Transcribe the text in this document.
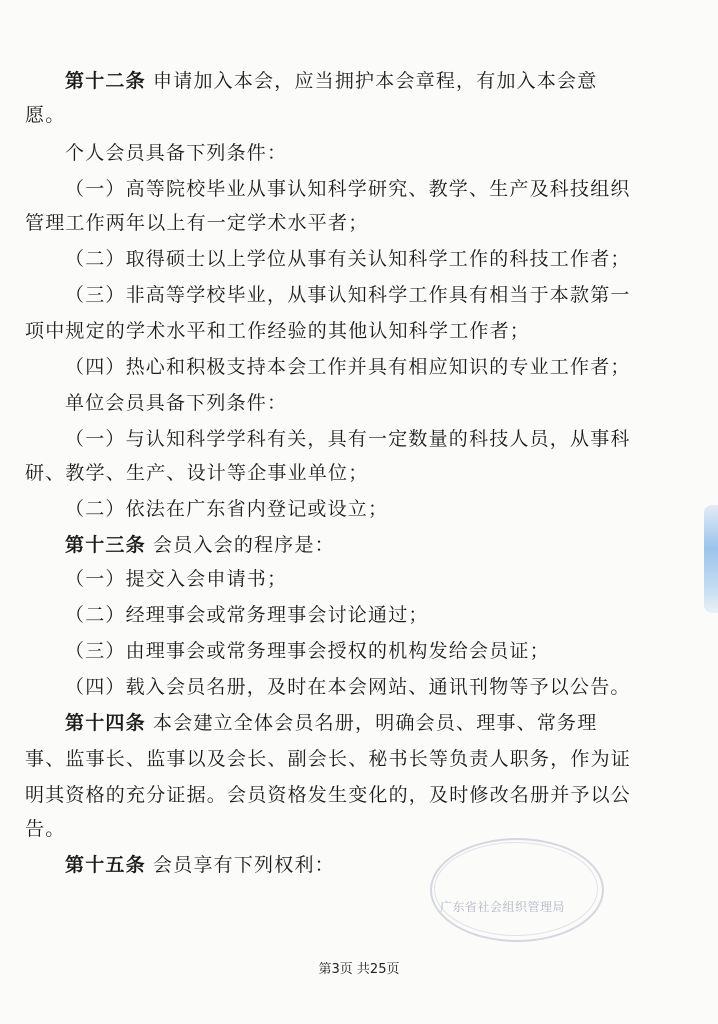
第十二条 申请加入本会，应当拥护本会章程，有加入本会意
愿。
个人会员具备下列条件：
（一）高等院校毕业从事认知科学研究、教学、生产及科技组织
管理工作两年以上有一定学术水平者；
（二）取得硕士以上学位从事有关认知科学工作的科技工作者；
（三）非高等学校毕业，从事认知科学工作具有相当于本款第一
项中规定的学术水平和工作经验的其他认知科学工作者；
（四）热心和积极支持本会工作并具有相应知识的专业工作者；
单位会员具备下列条件：
（一）与认知科学学科有关，具有一定数量的科技人员，从事科
研、教学、生产、设计等企事业单位；
（二）依法在广东省内登记或设立；
第十三条 会员入会的程序是：
（一）提交入会申请书；
（二）经理事会或常务理事会讨论通过；
（三）由理事会或常务理事会授权的机构发给会员证；
（四）载入会员名册，及时在本会网站、通讯刊物等予以公告。
第十四条 本会建立全体会员名册，明确会员、理事、常务理
事、监事长、监事以及会长、副会长、秘书长等负责人职务，作为证
明其资格的充分证据。会员资格发生变化的，及时修改名册并予以公
告。
第十五条 会员享有下列权利：
广东省社会组织管理局
第3页 共25页
